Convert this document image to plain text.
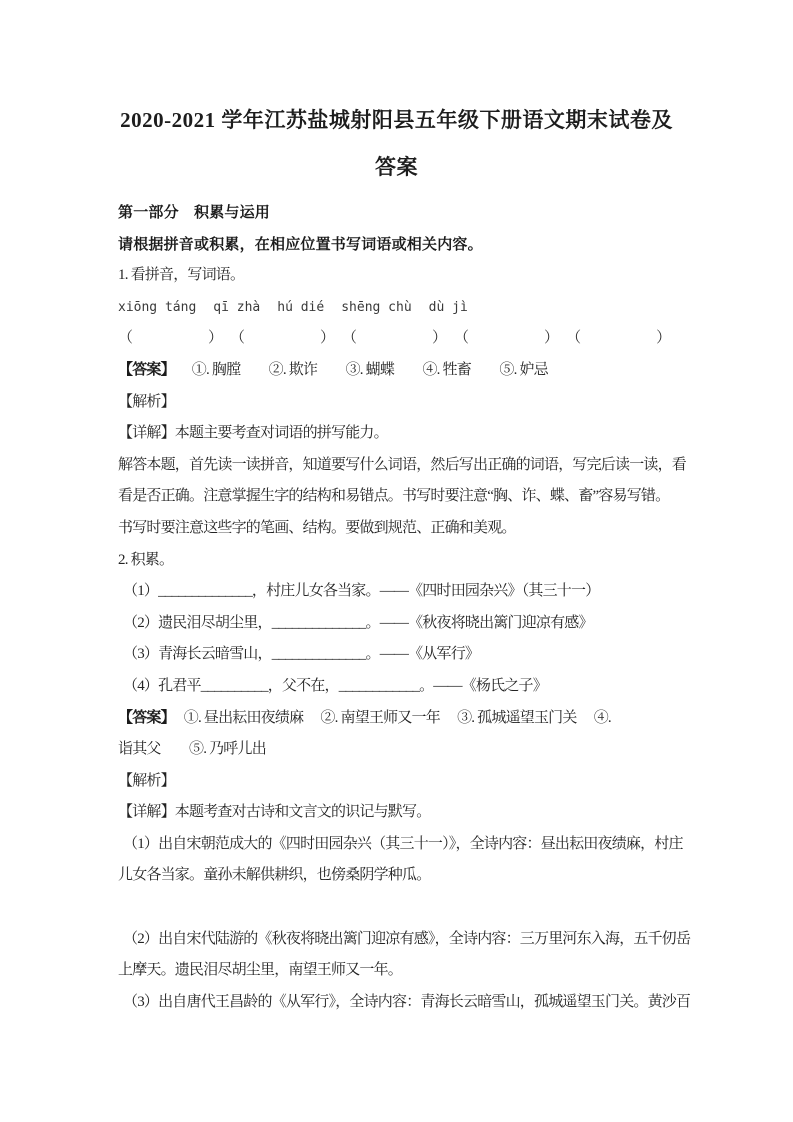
2020-2021 学年江苏盐城射阳县五年级下册语文期末试卷及
答案
第一部分　积累与运用
请根据拼音或积累，在相应位置书写词语或相关内容。
1. 看拼音，写词语。
xiōng táng qī zhà hú dié shēng chù dù jì
（　　　　　） （　　　　　） （　　　　　） （　　　　　） （　　　　　）
【答案】 ①. 胸膛　　②. 欺诈　　③. 蝴蝶　　④. 牲畜　　⑤. 妒忌
【解析】
【详解】本题主要考查对词语的拼写能力。
解答本题，首先读一读拼音，知道要写什么词语，然后写出正确的词语，写完后读一读，看
看是否正确。注意掌握生字的结构和易错点。书写时要注意“胸、诈、蝶、畜”容易写错。
书写时要注意这些字的笔画、结构。要做到规范、正确和美观。
2. 积累。
（1）______________，村庄儿女各当家。——《四时田园杂兴》（其三十一）
（2）遗民泪尽胡尘里，______________。——《秋夜将晓出篱门迎凉有感》
（3）青海长云暗雪山，______________。——《从军行》
（4）孔君平__________，父不在，____________。——《杨氏之子》
【答案】 ①. 昼出耘田夜绩麻　 ②. 南望王师又一年　 ③. 孤城遥望玉门关　 ④.
诣其父　　⑤. 乃呼儿出
【解析】
【详解】本题考查对古诗和文言文的识记与默写。
（1）出自宋朝范成大的《四时田园杂兴（其三十一）》，全诗内容：昼出耘田夜绩麻，村庄
儿女各当家。童孙未解供耕织，也傍桑阴学种瓜。
（2）出自宋代陆游的《秋夜将晓出篱门迎凉有感》，全诗内容：三万里河东入海，五千仞岳
上摩天。遗民泪尽胡尘里，南望王师又一年。
（3）出自唐代王昌龄的《从军行》，全诗内容：青海长云暗雪山，孤城遥望玉门关。黄沙百
